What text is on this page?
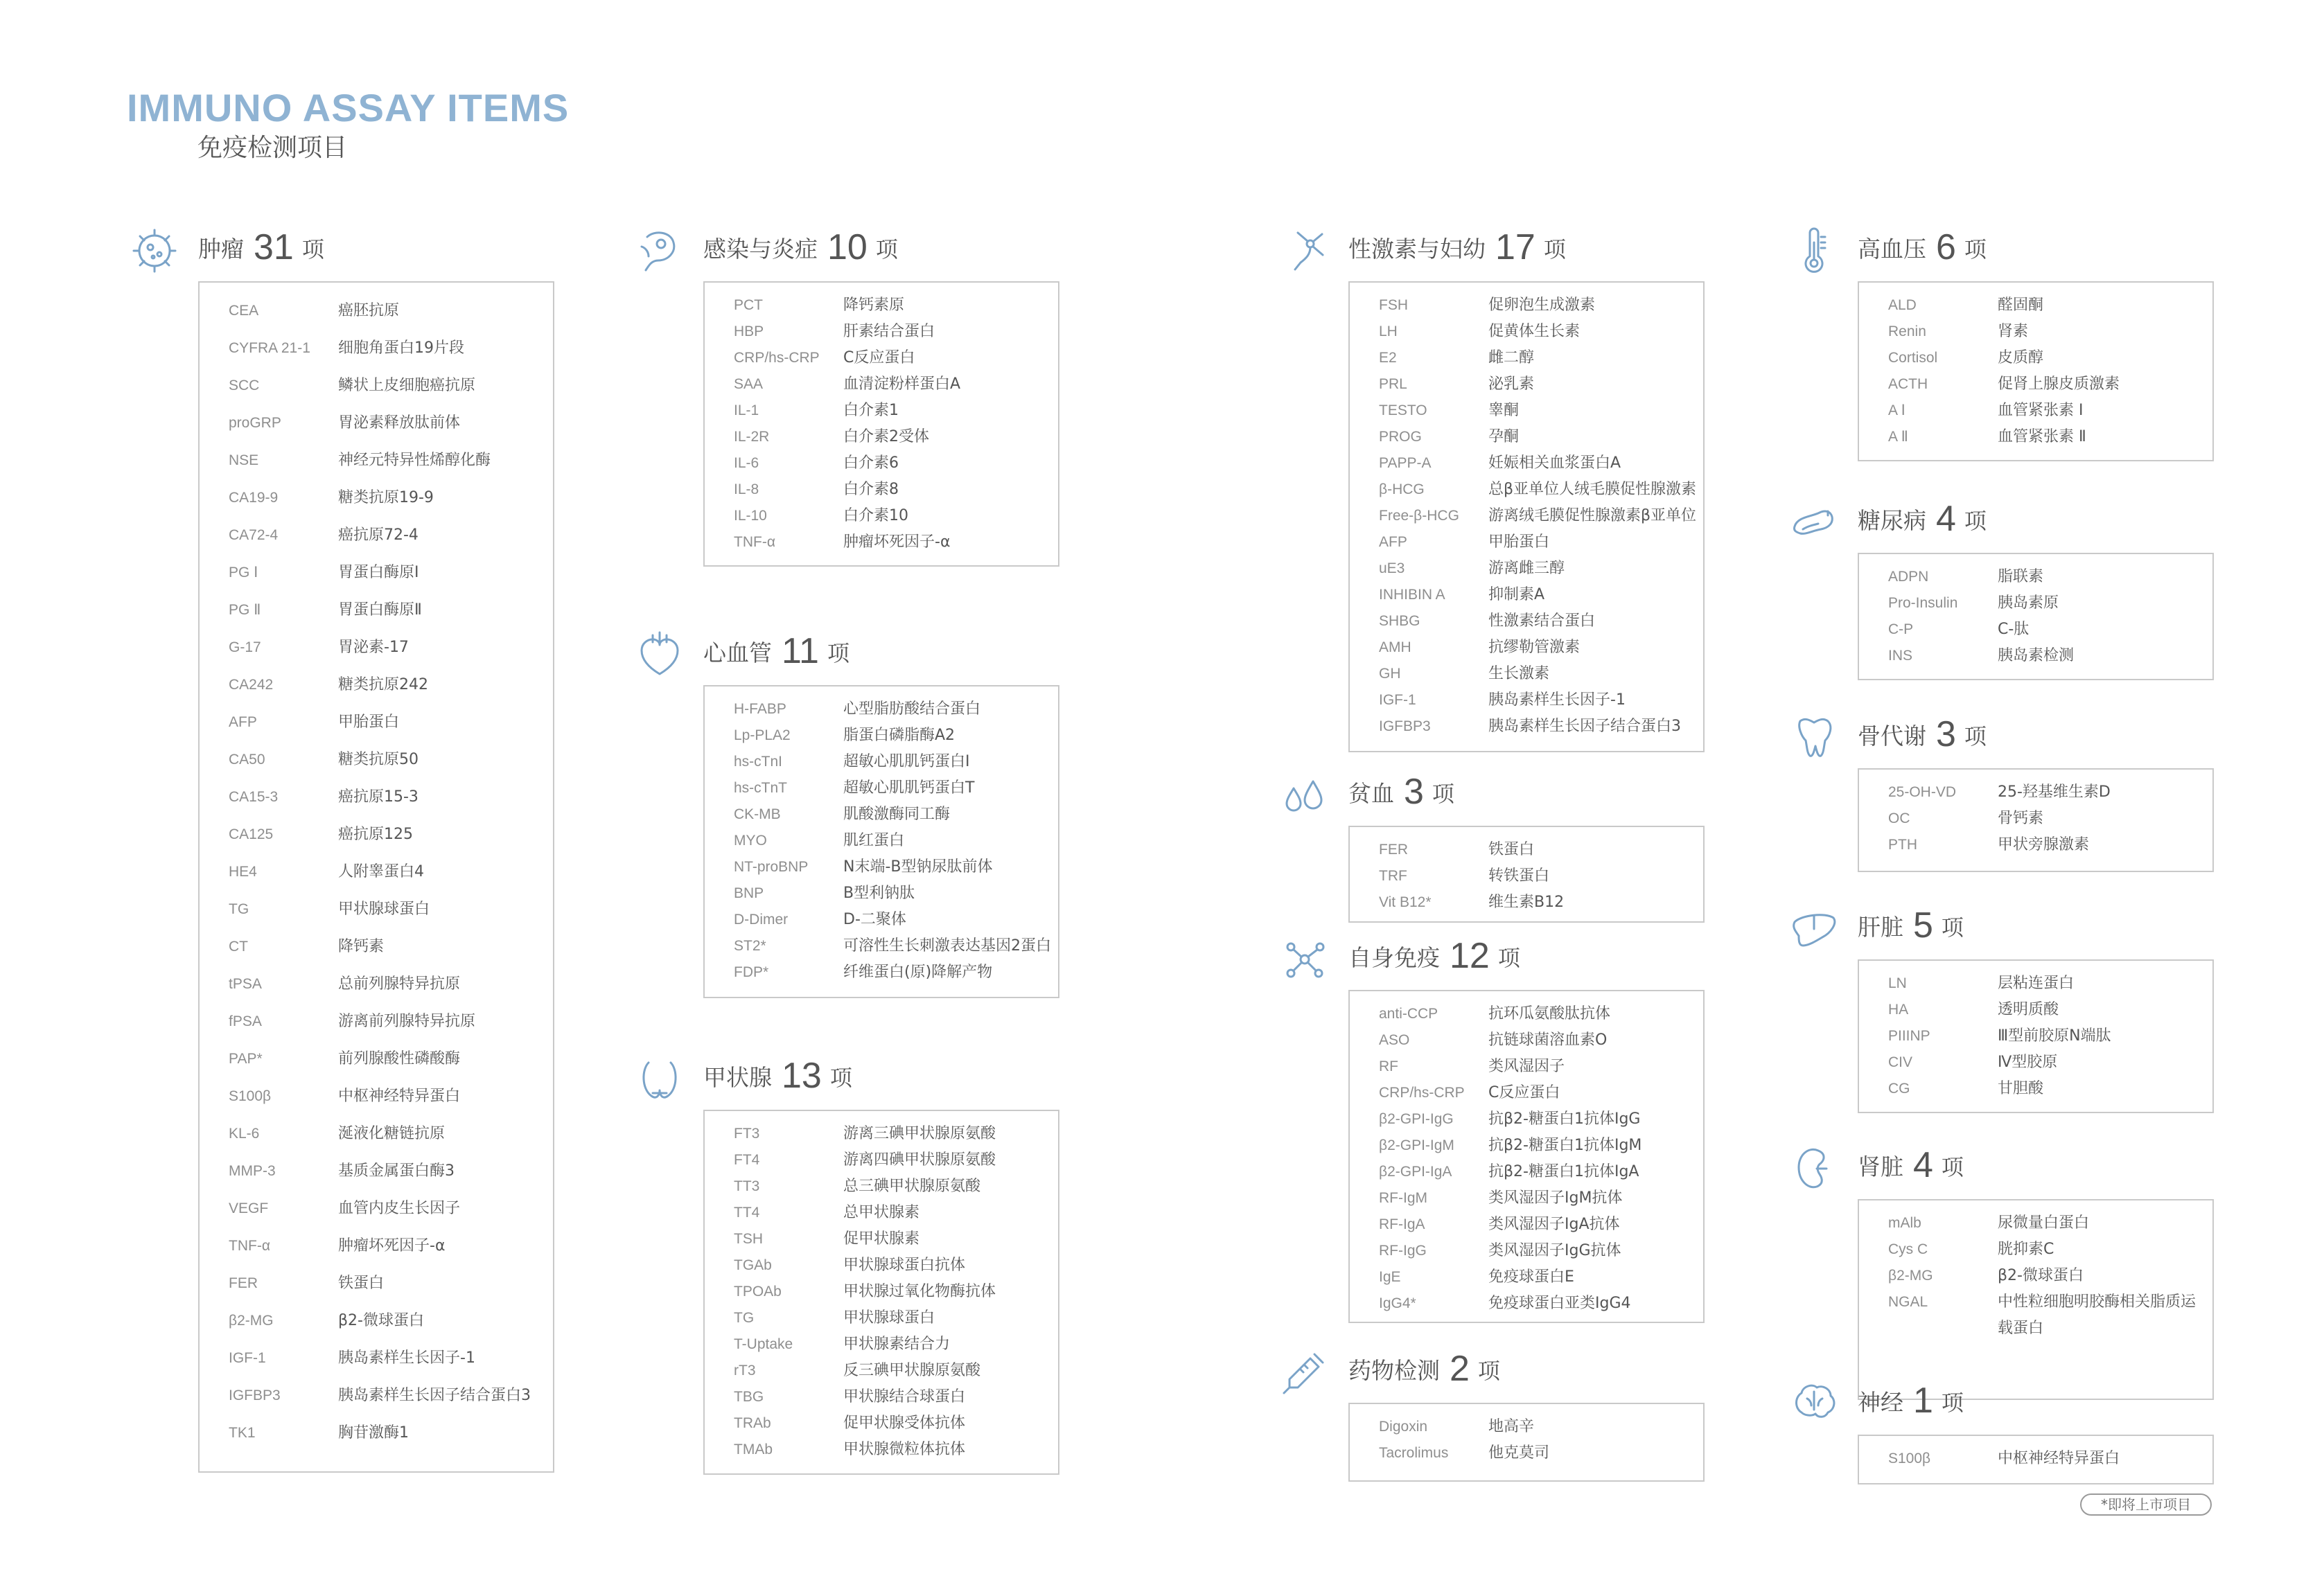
IMMUNO ASSAY ITEMS
免疫检测项目
肿瘤 31 项
CEA	癌胚抗原
CYFRA 21-1	细胞角蛋白19片段
SCC	鳞状上皮细胞癌抗原
proGRP	胃泌素释放肽前体
NSE	神经元特异性烯醇化酶
CA19-9	糖类抗原19-9
CA72-4	癌抗原72-4
PG Ⅰ	胃蛋白酶原Ⅰ
PG Ⅱ	胃蛋白酶原Ⅱ
G-17	胃泌素-17
CA242	糖类抗原242
AFP	甲胎蛋白
CA50	糖类抗原50
CA15-3	癌抗原15-3
CA125	癌抗原125
HE4	人附睾蛋白4
TG	甲状腺球蛋白
CT	降钙素
tPSA	总前列腺特异抗原
fPSA	游离前列腺特异抗原
PAP*	前列腺酸性磷酸酶
S100β	中枢神经特异蛋白
KL-6	涎液化糖链抗原
MMP-3	基质金属蛋白酶3
VEGF	血管内皮生长因子
TNF-α	肿瘤坏死因子-α
FER	铁蛋白
β2-MG	β2-微球蛋白
IGF-1	胰岛素样生长因子-1
IGFBP3	胰岛素样生长因子结合蛋白3
TK1	胸苷激酶1
感染与炎症 10 项
PCT	降钙素原
HBP	肝素结合蛋白
CRP/hs-CRP	C反应蛋白
SAA	血清淀粉样蛋白A
IL-1	白介素1
IL-2R	白介素2受体
IL-6	白介素6
IL-8	白介素8
IL-10	白介素10
TNF-α	肿瘤坏死因子-α
心血管 11 项
H-FABP	心型脂肪酸结合蛋白
Lp-PLA2	脂蛋白磷脂酶A2
hs-cTnI	超敏心肌肌钙蛋白I
hs-cTnT	超敏心肌肌钙蛋白T
CK-MB	肌酸激酶同工酶
MYO	肌红蛋白
NT-proBNP	N末端-B型钠尿肽前体
BNP	B型利钠肽
D-Dimer	D-二聚体
ST2*	可溶性生长刺激表达基因2蛋白
FDP*	纤维蛋白(原)降解产物
甲状腺 13 项
FT3	游离三碘甲状腺原氨酸
FT4	游离四碘甲状腺原氨酸
TT3	总三碘甲状腺原氨酸
TT4	总甲状腺素
TSH	促甲状腺素
TGAb	甲状腺球蛋白抗体
TPOAb	甲状腺过氧化物酶抗体
TG	甲状腺球蛋白
T-Uptake	甲状腺素结合力
rT3	反三碘甲状腺原氨酸
TBG	甲状腺结合球蛋白
TRAb	促甲状腺受体抗体
TMAb	甲状腺微粒体抗体
性激素与妇幼 17 项
FSH	促卵泡生成激素
LH	促黄体生长素
E2	雌二醇
PRL	泌乳素
TESTO	睾酮
PROG	孕酮
PAPP-A	妊娠相关血浆蛋白A
β-HCG	总β亚单位人绒毛膜促性腺激素
Free-β-HCG	游离绒毛膜促性腺激素β亚单位
AFP	甲胎蛋白
uE3	游离雌三醇
INHIBIN A	抑制素A
SHBG	性激素结合蛋白
AMH	抗缪勒管激素
GH	生长激素
IGF-1	胰岛素样生长因子-1
IGFBP3	胰岛素样生长因子结合蛋白3
贫血 3 项
FER	铁蛋白
TRF	转铁蛋白
Vit B12*	维生素B12
自身免疫 12 项
anti-CCP	抗环瓜氨酸肽抗体
ASO	抗链球菌溶血素O
RF	类风湿因子
CRP/hs-CRP	C反应蛋白
β2-GPI-IgG	抗β2-糖蛋白1抗体IgG
β2-GPI-IgM	抗β2-糖蛋白1抗体IgM
β2-GPI-IgA	抗β2-糖蛋白1抗体IgA
RF-IgM	类风湿因子IgM抗体
RF-IgA	类风湿因子IgA抗体
RF-IgG	类风湿因子IgG抗体
IgE	免疫球蛋白E
IgG4*	免疫球蛋白亚类IgG4
药物检测 2 项
Digoxin	地高辛
Tacrolimus	他克莫司
高血压 6 项
ALD	醛固酮
Renin	肾素
Cortisol	皮质醇
ACTH	促肾上腺皮质激素
A Ⅰ	血管紧张素 Ⅰ
A Ⅱ	血管紧张素 Ⅱ
糖尿病 4 项
ADPN	脂联素
Pro-Insulin	胰岛素原
C-P	C-肽
INS	胰岛素检测
骨代谢 3 项
25-OH-VD	25-羟基维生素D
OC	骨钙素
PTH	甲状旁腺激素
肝脏 5 项
LN	层粘连蛋白
HA	透明质酸
PIIINP	Ⅲ型前胶原N端肽
CIV	Ⅳ型胶原
CG	甘胆酸
肾脏 4 项
mAlb	尿微量白蛋白
Cys C	胱抑素C
β2-MG	β2-微球蛋白
NGAL	中性粒细胞明胶酶相关脂质运载蛋白
神经 1 项
S100β	中枢神经特异蛋白
*即将上市项目
